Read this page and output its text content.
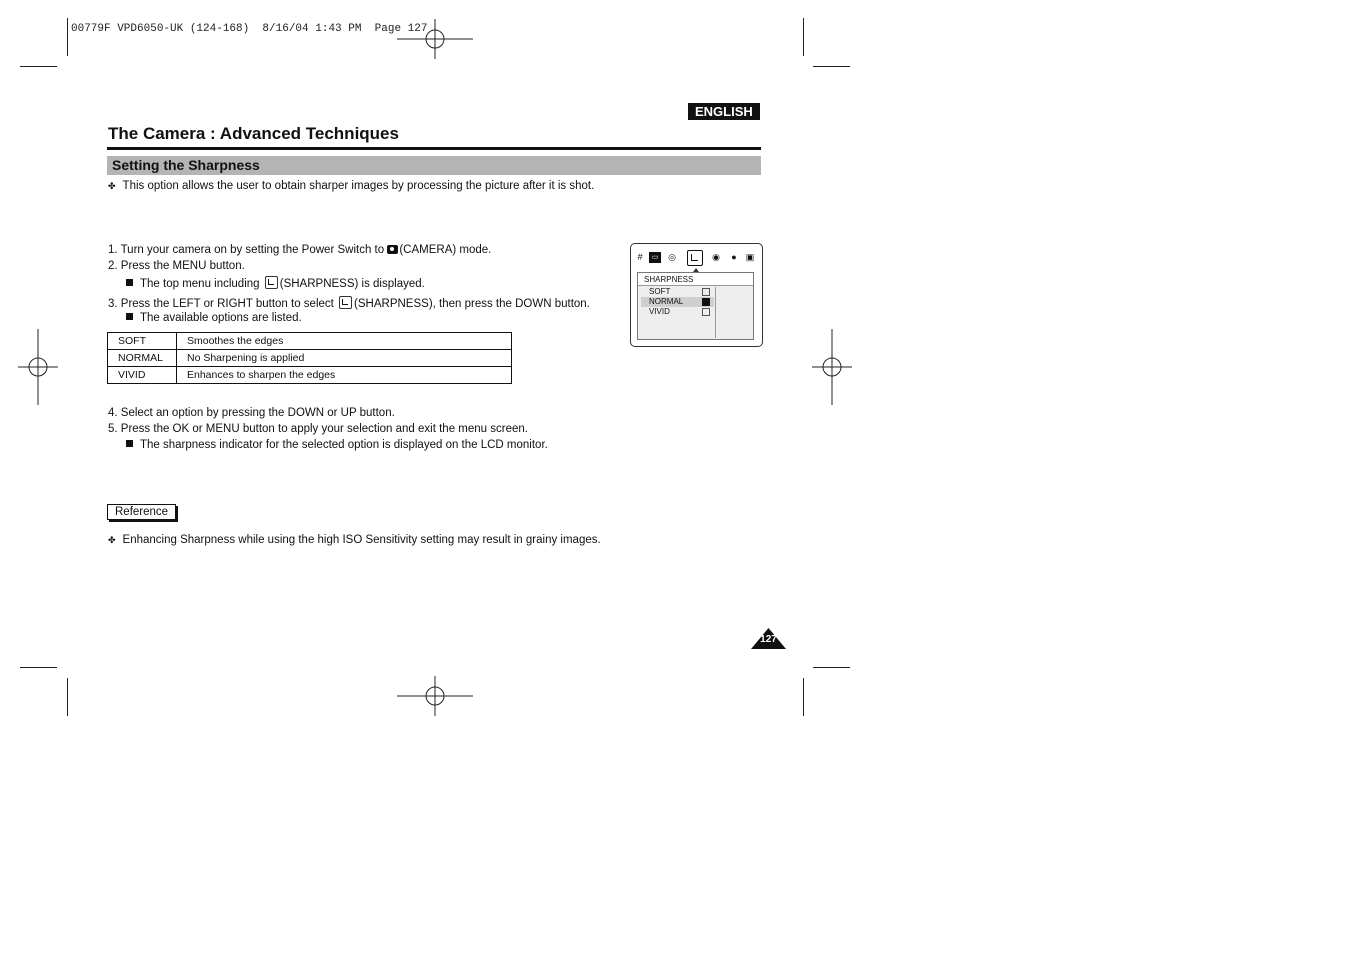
00779F VPD6050-UK (124-168)  8/16/04 1:43 PM  Page 127
ENGLISH
The Camera : Advanced Techniques
Setting the Sharpness
✤ This option allows the user to obtain sharper images by processing the picture after it is shot.
1. Turn your camera on by setting the Power Switch to (CAMERA) mode.
2. Press the MENU button.
The top menu including (SHARPNESS) is displayed.
3. Press the LEFT or RIGHT button to select (SHARPNESS), then press the DOWN button.
The available options are listed.
SOFT	Smoothes the edges
NORMAL	No Sharpening is applied
VIVID	Enhances to sharpen the edges
4. Select an option by pressing the DOWN or UP button.
5. Press the OK or MENU button to apply your selection and exit the menu screen.
The sharpness indicator for the selected option is displayed on the LCD monitor.
Reference
✤ Enhancing Sharpness while using the high ISO Sensitivity setting may result in grainy images.
#	▭ ◎	◉	●	▣
SHARPNESS
SOFT
NORMAL
VIVID
127
